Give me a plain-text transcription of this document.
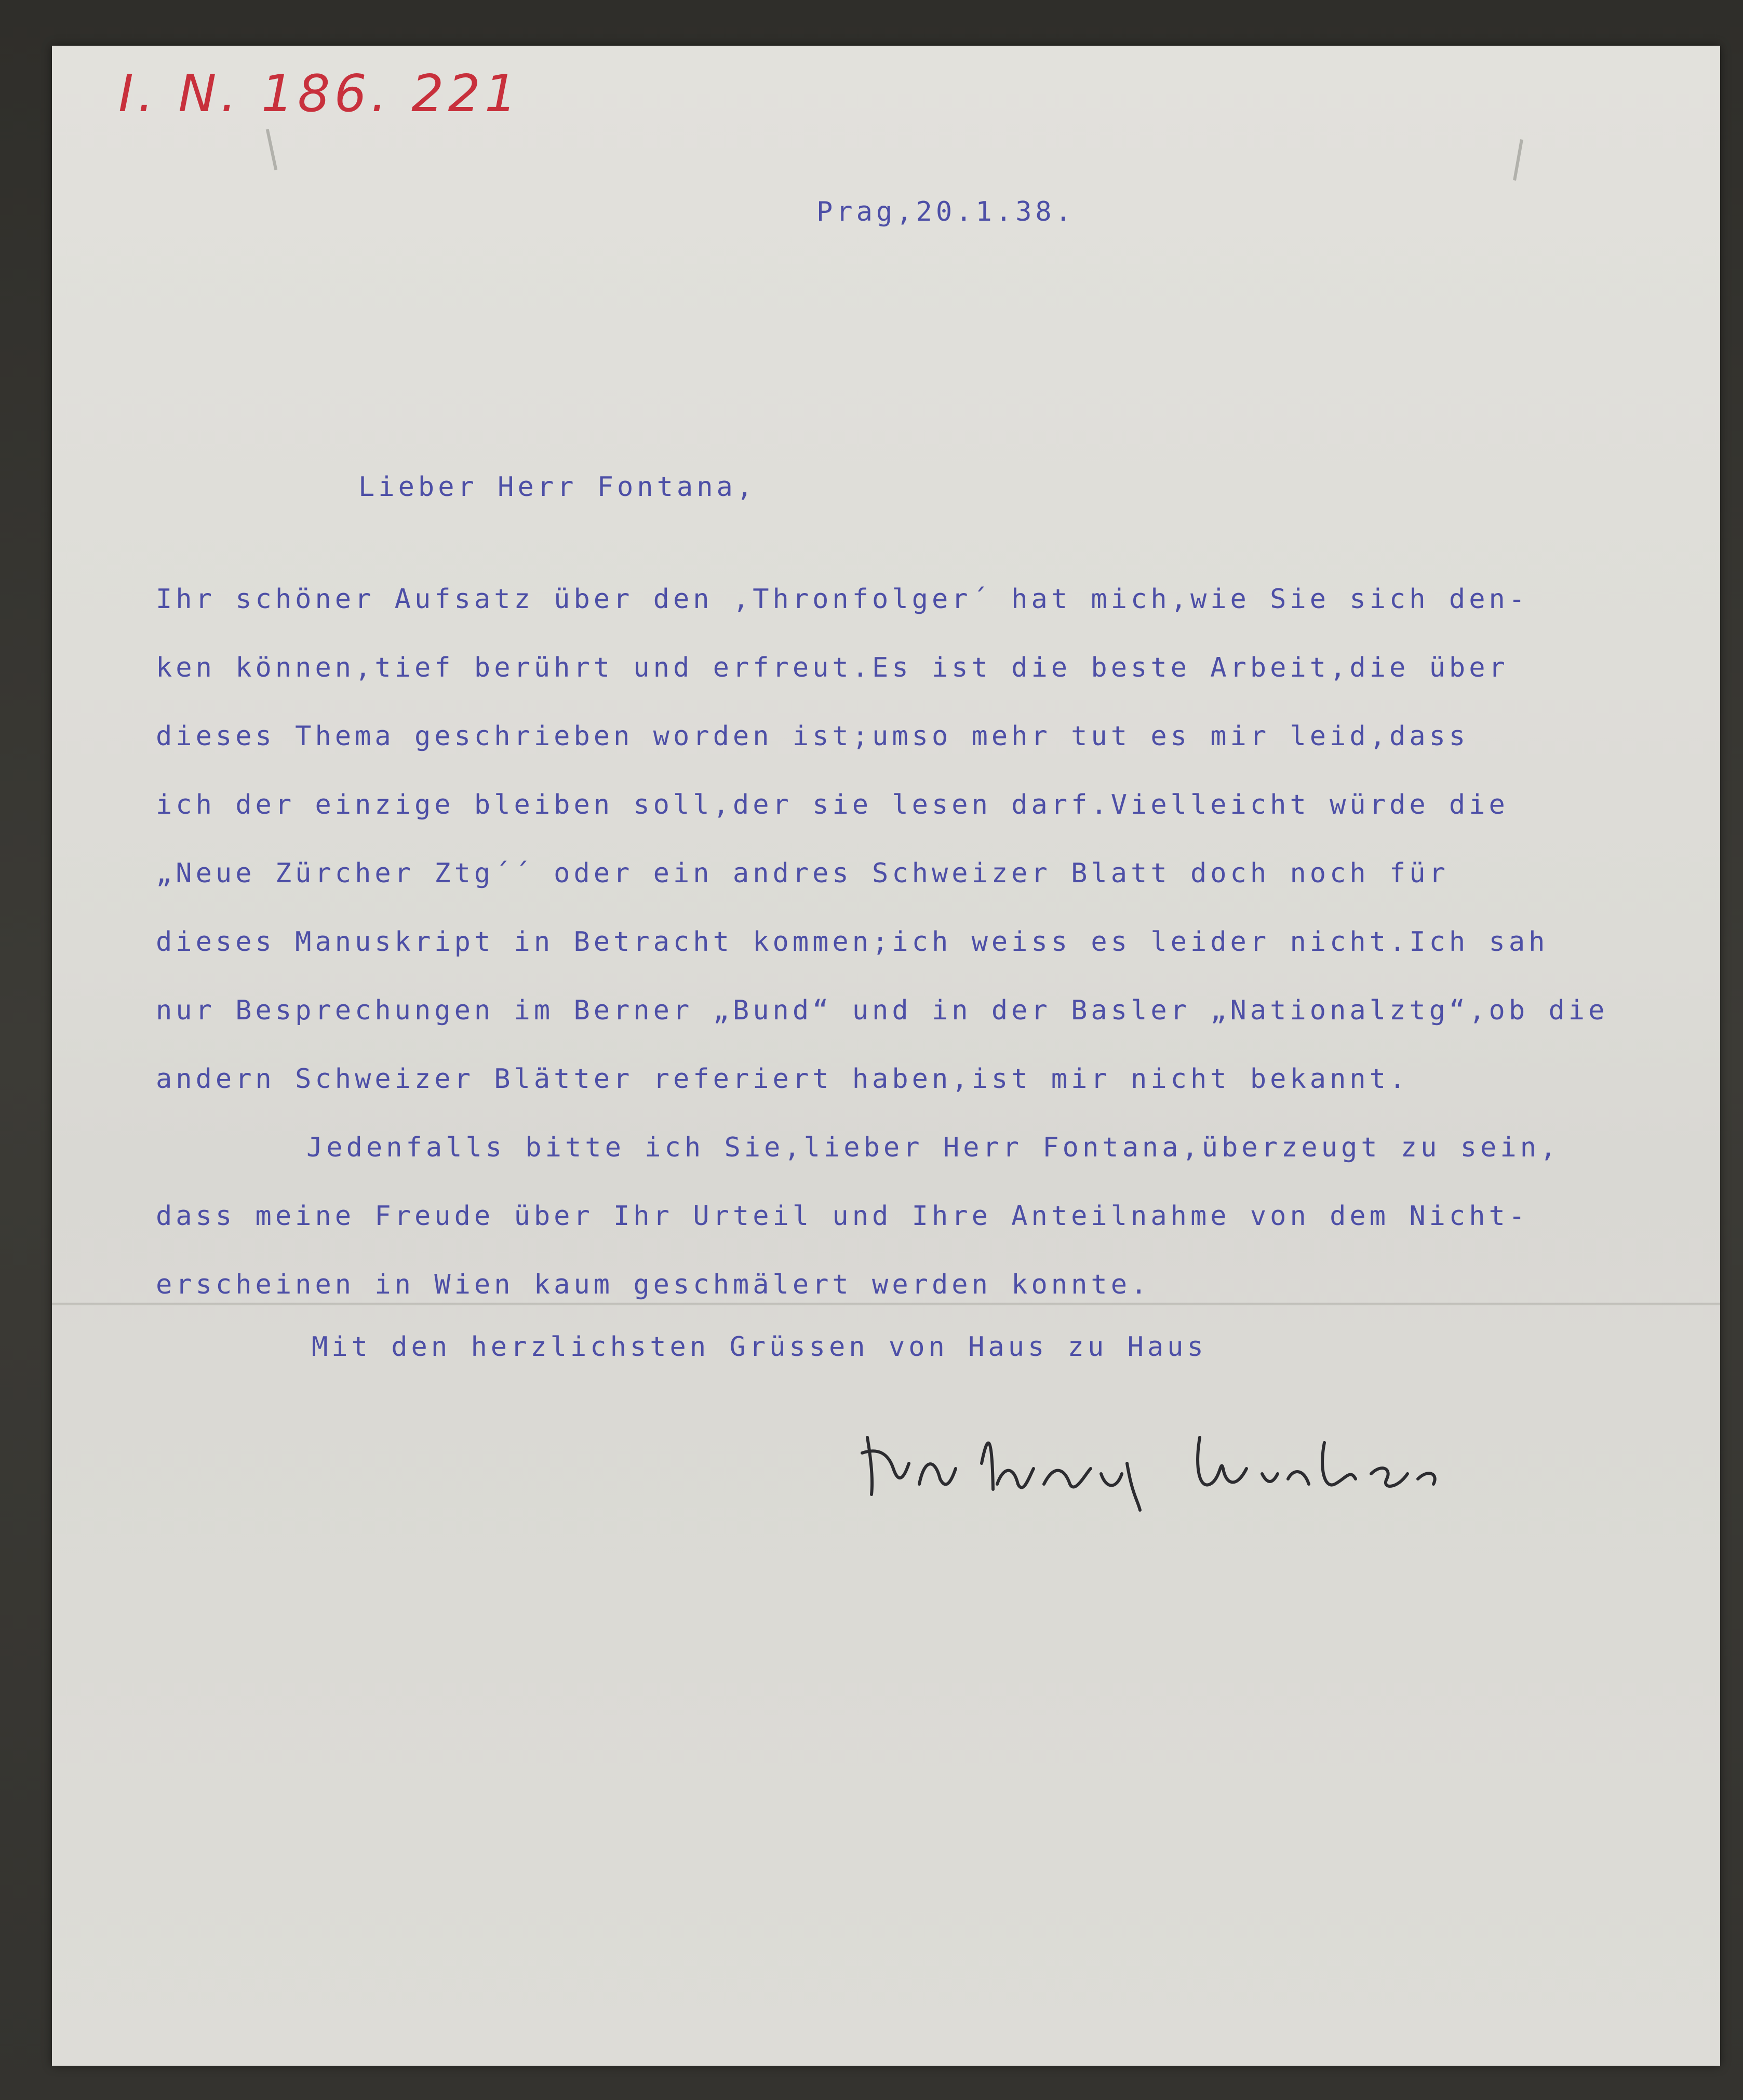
I. N. 186. 221
Prag,20.1.38.
Lieber Herr Fontana,
Ihr schöner Aufsatz über den ‚Thronfolger´ hat mich,wie Sie sich den-
ken können,tief berührt und erfreut.Es ist die beste Arbeit,die über
dieses Thema geschrieben worden ist;umso mehr tut es mir leid,dass
ich der einzige bleiben soll,der sie lesen darf.Vielleicht würde die
„Neue Zürcher Ztg´´ oder ein andres Schweizer Blatt doch noch für
dieses Manuskript in Betracht kommen;ich weiss es leider nicht.Ich sah
nur Besprechungen im Berner „Bund“ und in der Basler „Nationalztg“,ob die
andern Schweizer Blätter referiert haben,ist mir nicht bekannt.
Jedenfalls bitte ich Sie,lieber Herr Fontana,überzeugt zu sein,
dass meine Freude über Ihr Urteil und Ihre Anteilnahme von dem Nicht-
erscheinen in Wien kaum geschmälert werden konnte.
Mit den herzlichsten Grüssen von Haus zu Haus
